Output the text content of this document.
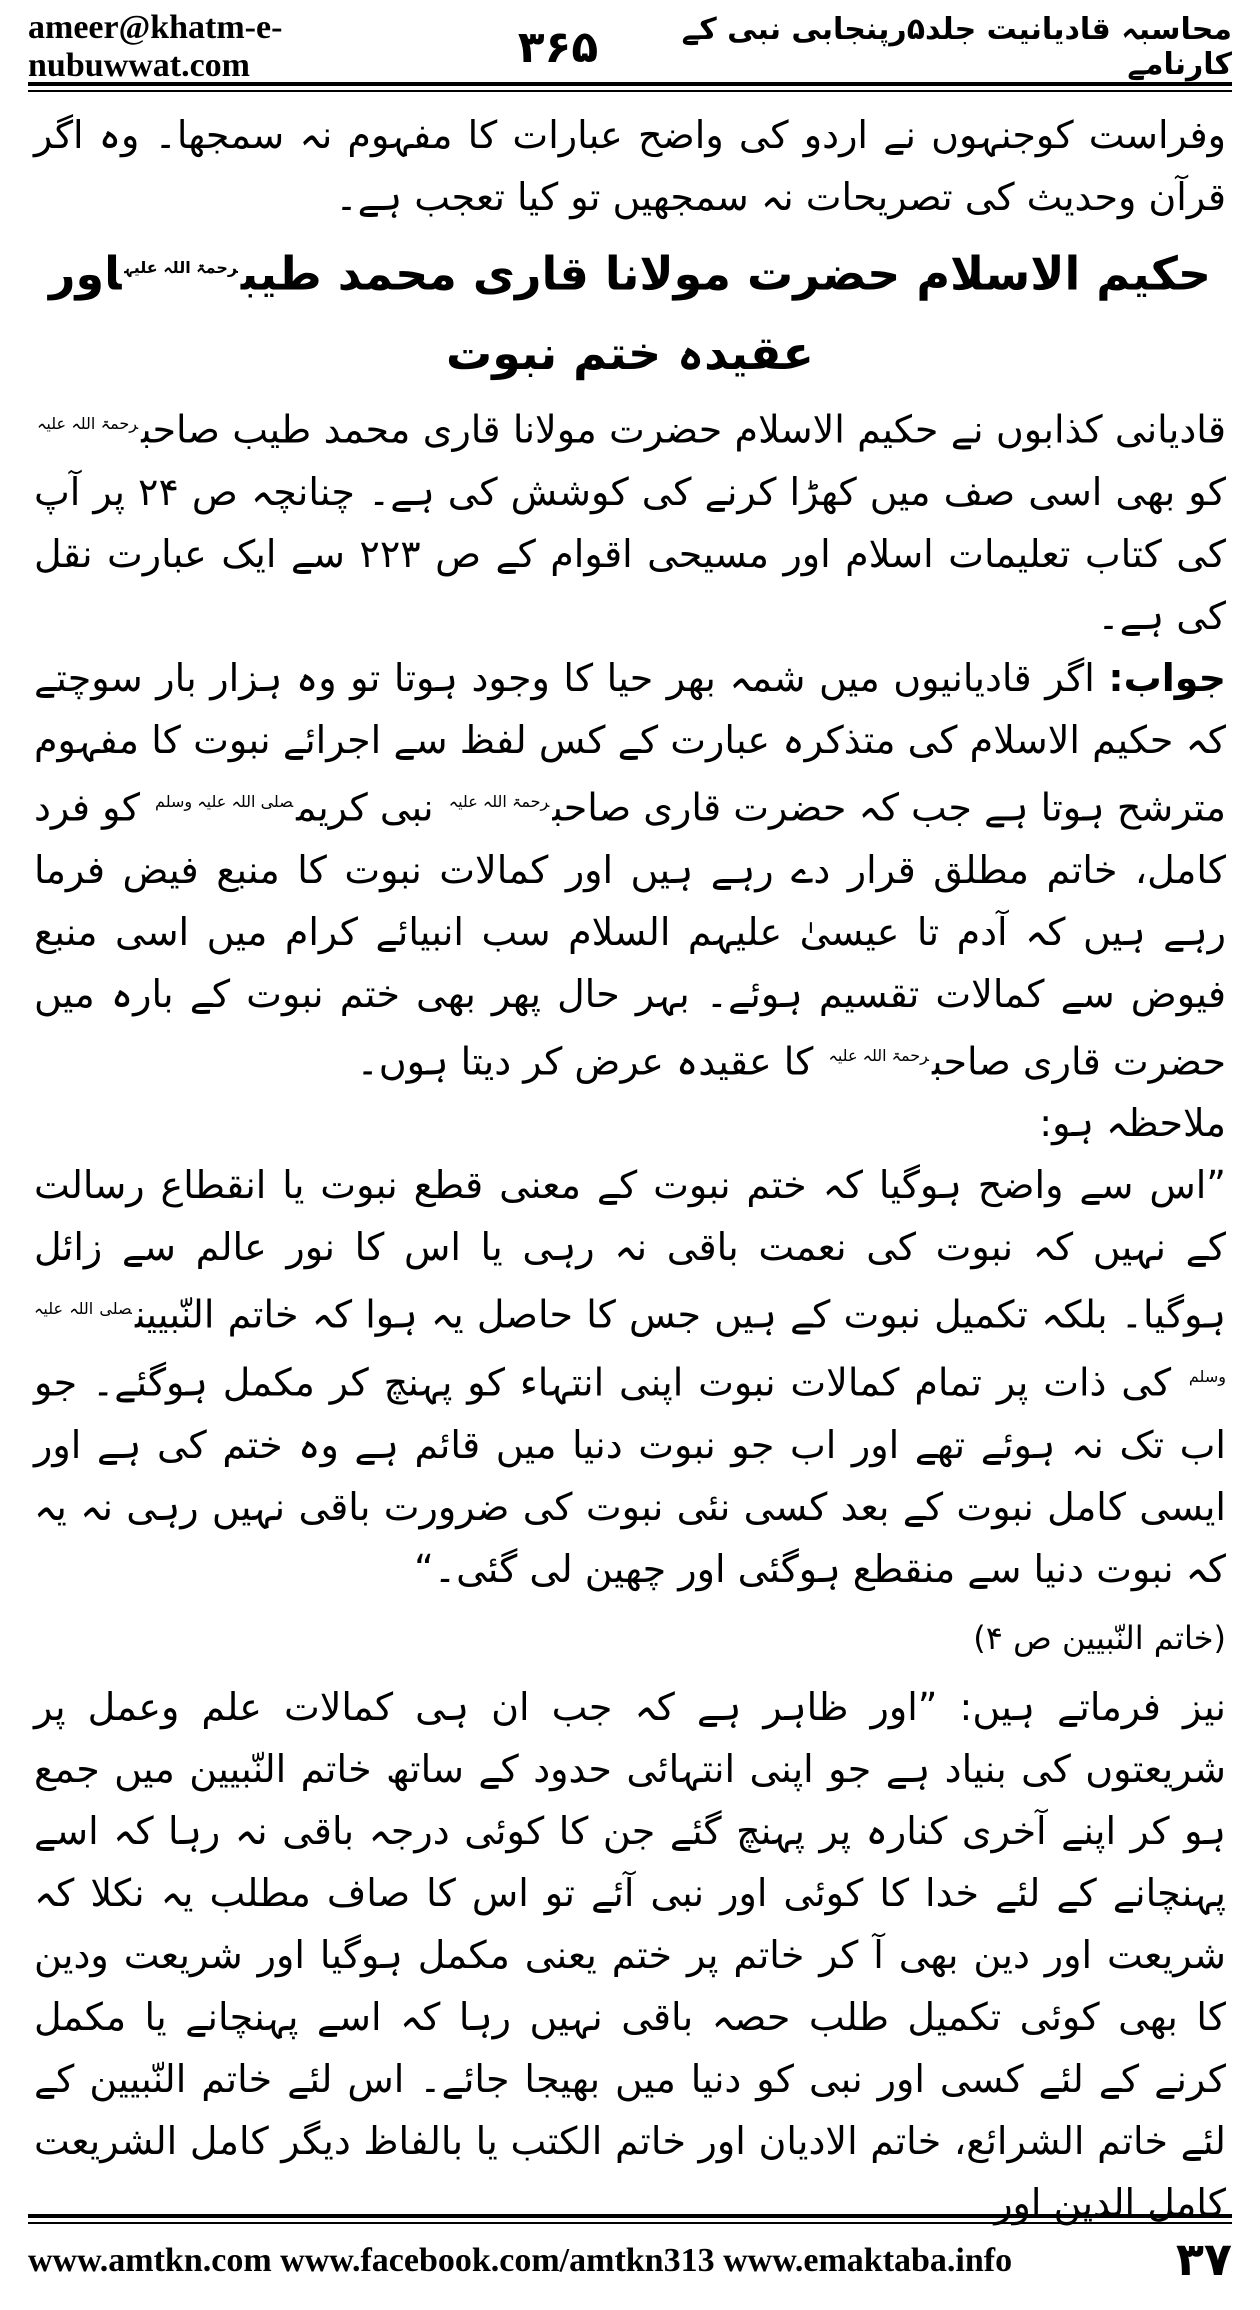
ameer@khatm-e-nubuwwat.com	۳۶۵	محاسبہ قادیانیت جلد۵رپنجابی نبی کے کارنامے

وفراست کوجنہوں نے اردو کی واضح عبارات کا مفہوم نہ سمجھا۔ وہ اگر قرآن وحدیث کی تصریحات نہ سمجھیں تو کیا تعجب ہے۔

حکیم الاسلام حضرت مولانا قاری محمد طیب$^{رحمۃ اللہ علیہ}$اور عقیدہ ختم نبوت

قادیانی کذابوں نے حکیم الاسلام حضرت مولانا قاری محمد طیب صاحب$^{رحمۃ اللہ علیہ}$ کو بھی اسی صف میں کھڑا کرنے کی کوشش کی ہے۔ چنانچہ ص ۲۴ پر آپ کی کتاب تعلیمات اسلام اور مسیحی اقوام کے ص ۲۲۳ سے ایک عبارت نقل کی ہے۔

جواب: اگر قادیانیوں میں شمہ بھر حیا کا وجود ہوتا تو وہ ہزار بار سوچتے کہ حکیم الاسلام کی متذکرہ عبارت کے کس لفظ سے اجرائے نبوت کا مفہوم مترشح ہوتا ہے جب کہ حضرت قاری صاحب$^{رحمۃ اللہ علیہ}$ نبی کریم$^{صلی اللہ علیہ وسلم}$ کو فرد کامل، خاتم مطلق قرار دے رہے ہیں اور کمالات نبوت کا منبع فیض فرما رہے ہیں کہ آدم تا عیسیٰ علیہم السلام سب انبیائے کرام میں اسی منبع فیوض سے کمالات تقسیم ہوئے۔ بہر حال پھر بھی ختم نبوت کے بارہ میں حضرت قاری صاحب$^{رحمۃ اللہ علیہ}$ کا عقیدہ عرض کر دیتا ہوں۔

ملاحظہ ہو:

”اس سے واضح ہوگیا کہ ختم نبوت کے معنی قطع نبوت یا انقطاع رسالت کے نہیں کہ نبوت کی نعمت باقی نہ رہی یا اس کا نور عالم سے زائل ہوگیا۔ بلکہ تکمیل نبوت کے ہیں جس کا حاصل یہ ہوا کہ خاتم النّبیین$^{صلی اللہ علیہ وسلم}$ کی ذات پر تمام کمالات نبوت اپنی انتہاء کو پہنچ کر مکمل ہوگئے۔ جو اب تک نہ ہوئے تھے اور اب جو نبوت دنیا میں قائم ہے وہ ختم کی ہے اور ایسی کامل نبوت کے بعد کسی نئی نبوت کی ضرورت باقی نہیں رہی نہ یہ کہ نبوت دنیا سے منقطع ہوگئی اور چھین لی گئی۔“

(خاتم النّبیین ص ۴)

نیز فرماتے ہیں: ”اور ظاہر ہے کہ جب ان ہی کمالات علم وعمل پر شریعتوں کی بنیاد ہے جو اپنی انتہائی حدود کے ساتھ خاتم النّبیین میں جمع ہو کر اپنے آخری کنارہ پر پہنچ گئے جن کا کوئی درجہ باقی نہ رہا کہ اسے پہنچانے کے لئے خدا کا کوئی اور نبی آئے تو اس کا صاف مطلب یہ نکلا کہ شریعت اور دین بھی آ کر خاتم پر ختم یعنی مکمل ہوگیا اور شریعت ودین کا بھی کوئی تکمیل طلب حصہ باقی نہیں رہا کہ اسے پہنچانے یا مکمل کرنے کے لئے کسی اور نبی کو دنیا میں بھیجا جائے۔ اس لئے خاتم النّبیین کے لئے خاتم الشرائع، خاتم الادیان اور خاتم الکتب یا بالفاظ دیگر کامل الشریعت کامل الدین اور

www.amtkn.com www.facebook.com/amtkn313 www.emaktaba.info	۳۷
